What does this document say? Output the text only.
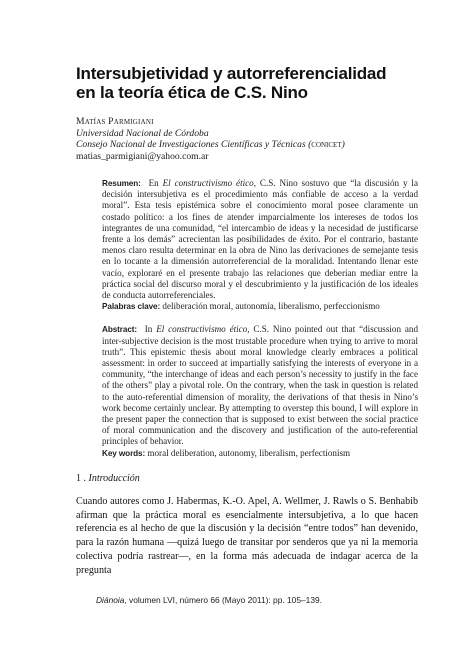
Intersubjetividad y autorreferencialidad
en la teoría ética de C.S. Nino
Matías Parmigiani
Universidad Nacional de Córdoba
Consejo Nacional de Investigaciones Científicas y Técnicas (conicet)
matias_parmigiani@yahoo.com.ar
Resumen: En El constructivismo ético, C.S. Nino sostuvo que “la discusión y la decisión intersubjetiva es el procedimiento más confiable de acceso a la verdad moral”. Esta tesis epistémica sobre el conocimiento moral posee claramente un costado político: a los fines de atender imparcialmente los intereses de todos los integrantes de una comunidad, “el intercambio de ideas y la necesidad de justificarse frente a los demás” acrecientan las posibilidades de éxito. Por el contrario, bastante menos claro resulta determinar en la obra de Nino las derivaciones de semejante tesis en lo tocante a la dimensión autorreferencial de la moralidad. Intentando llenar este vacío, exploraré en el presente trabajo las relaciones que deberían mediar entre la práctica social del discurso moral y el descubrimiento y la justificación de los ideales de conducta autorreferenciales.
Palabras clave: deliberación moral, autonomía, liberalismo, perfeccionismo
Abstract: In El constructivismo ético, C.S. Nino pointed out that “discussion and inter-subjective decision is the most trustable procedure when trying to arrive to moral truth”. This epistemic thesis about moral knowledge clearly embraces a political assessment: in order to succeed at impartially satisfying the interests of everyone in a community, “the interchange of ideas and each person’s necessity to justify in the face of the others” play a pivotal role. On the contrary, when the task in question is related to the auto-referential dimension of morality, the derivations of that thesis in Nino’s work become certainly unclear. By attempting to overstep this bound, I will explore in the present paper the connection that is supposed to exist between the social practice of moral communication and the discovery and justification of the auto-referential principles of behavior.
Key words: moral deliberation, autonomy, liberalism, perfectionism
1 . Introducción

Cuando autores como J. Habermas, K.-O. Apel, A. Wellmer, J. Rawls o S. Benhabib afirman que la práctica moral es esencialmente intersubjetiva, a lo que hacen referencia es al hecho de que la discusión y la decisión “entre todos” han devenido, para la razón humana —quizá luego de transitar por senderos que ya ni la memoria colectiva podría rastrear—, en la forma más adecuada de indagar acerca de la pregunta

Diánoia, volumen LVI, número 66 (Mayo 2011): pp. 105–139.
